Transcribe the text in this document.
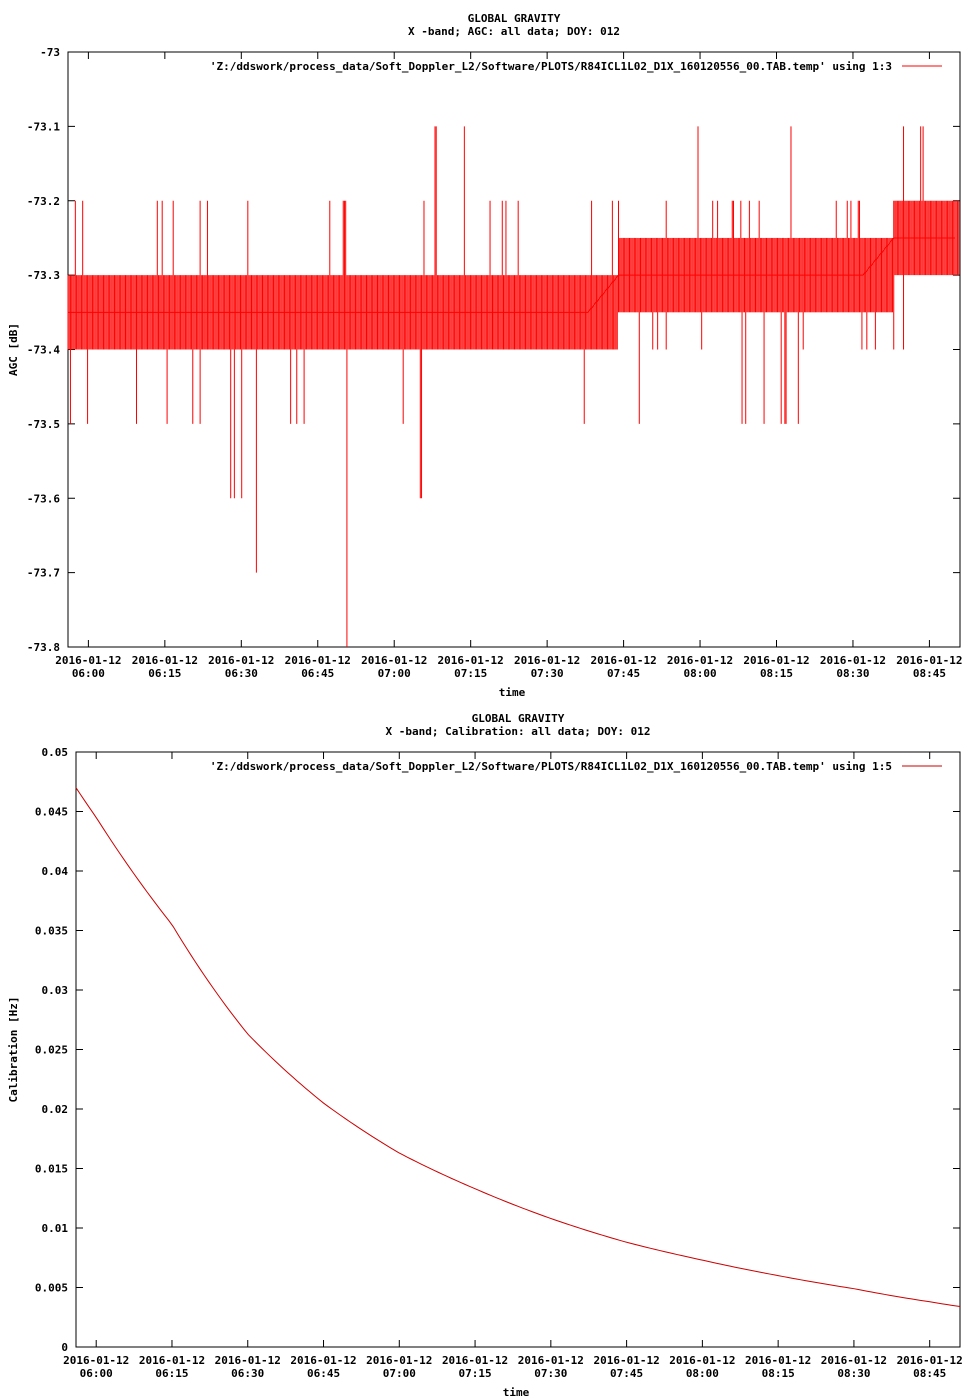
GLOBAL GRAVITY
X -band; AGC: all data; DOY: 012
-73
-73.1
-73.2
-73.3
-73.4
-73.5
-73.6
-73.7
-73.8
2016-01-12
06:00
2016-01-12
06:15
2016-01-12
06:30
2016-01-12
06:45
2016-01-12
07:00
2016-01-12
07:15
2016-01-12
07:30
2016-01-12
07:45
2016-01-12
08:00
2016-01-12
08:15
2016-01-12
08:30
2016-01-12
08:45
time
AGC [dB]
'Z:/ddswork/process_data/Soft_Doppler_L2/Software/PLOTS/R84ICL1L02_D1X_160120556_00.TAB.temp' using 1:3
GLOBAL GRAVITY
X -band; Calibration: all data; DOY: 012
0.05
0.045
0.04
0.035
0.03
0.025
0.02
0.015
0.01
0.005
0
2016-01-12
06:00
2016-01-12
06:15
2016-01-12
06:30
2016-01-12
06:45
2016-01-12
07:00
2016-01-12
07:15
2016-01-12
07:30
2016-01-12
07:45
2016-01-12
08:00
2016-01-12
08:15
2016-01-12
08:30
2016-01-12
08:45
time
Calibration [Hz]
'Z:/ddswork/process_data/Soft_Doppler_L2/Software/PLOTS/R84ICL1L02_D1X_160120556_00.TAB.temp' using 1:5
